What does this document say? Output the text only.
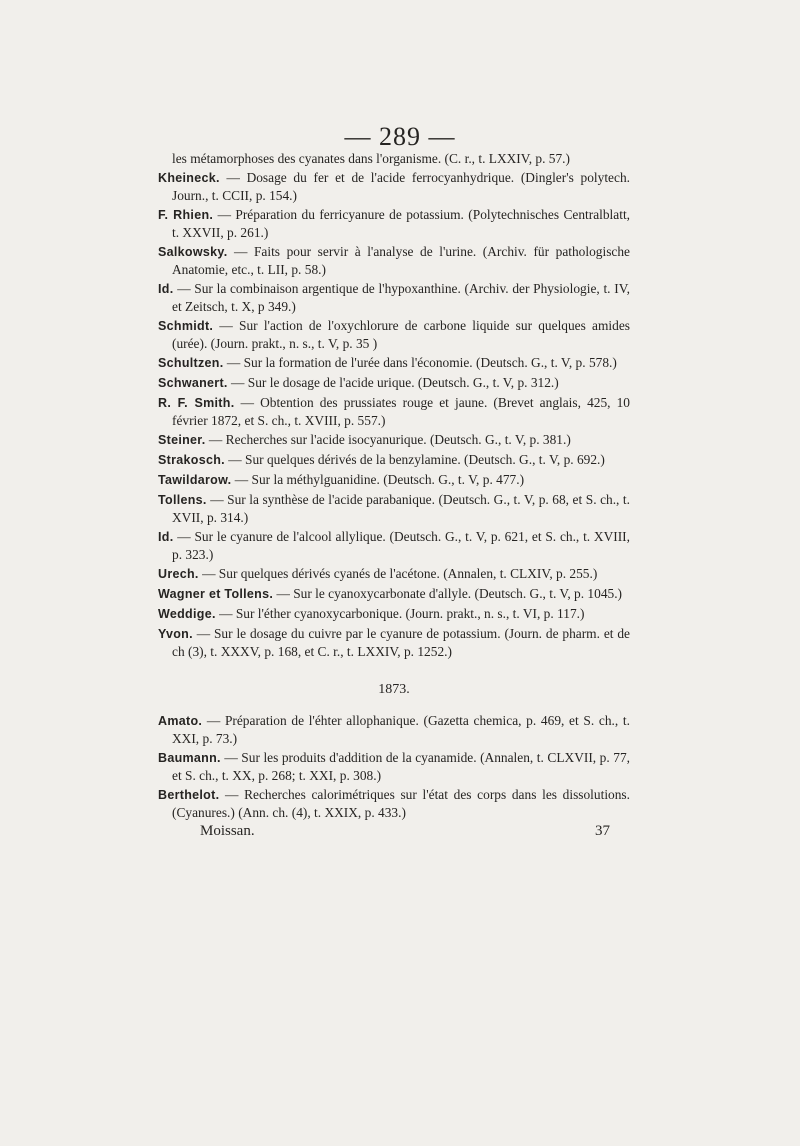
— 289 —

les métamorphoses des cyanates dans l'organisme. (C. r., t. LXXIV, p. 57.)

Kheineck. — Dosage du fer et de l'acide ferrocyanhydrique. (Dingler's polytech. Journ., t. CCII, p. 154.)

F. Rhien. — Préparation du ferricyanure de potassium. (Polytechnisches Centralblatt, t. XXVII, p. 261.)

Salkowsky. — Faits pour servir à l'analyse de l'urine. (Archiv. für pathologische Anatomie, etc., t. LII, p. 58.)

Id. — Sur la combinaison argentique de l'hypoxanthine. (Archiv. der Physiologie, t. IV, et Zeitsch, t. X, p 349.)

Schmidt. — Sur l'action de l'oxychlorure de carbone liquide sur quelques amides (urée). (Journ. prakt., n. s., t. V, p. 35 )

Schultzen. — Sur la formation de l'urée dans l'économie. (Deutsch. G., t. V, p. 578.)

Schwanert. — Sur le dosage de l'acide urique. (Deutsch. G., t. V, p. 312.)

R. F. Smith. — Obtention des prussiates rouge et jaune. (Brevet anglais, 425, 10 février 1872, et S. ch., t. XVIII, p. 557.)

Steiner. — Recherches sur l'acide isocyanurique. (Deutsch. G., t. V, p. 381.)

Strakosch. — Sur quelques dérivés de la benzylamine. (Deutsch. G., t. V, p. 692.)

Tawildarow. — Sur la méthylguanidine. (Deutsch. G., t. V, p. 477.)

Tollens. — Sur la synthèse de l'acide parabanique. (Deutsch. G., t. V, p. 68, et S. ch., t. XVII, p. 314.)

Id. — Sur le cyanure de l'alcool allylique. (Deutsch. G., t. V, p. 621, et S. ch., t. XVIII, p. 323.)

Urech. — Sur quelques dérivés cyanés de l'acétone. (Annalen, t. CLXIV, p. 255.)

Wagner et Tollens. — Sur le cyanoxycarbonate d'allyle. (Deutsch. G., t. V, p. 1045.)

Weddige. — Sur l'éther cyanoxycarbonique. (Journ. prakt., n. s., t. VI, p. 117.)

Yvon. — Sur le dosage du cuivre par le cyanure de potassium. (Journ. de pharm. et de ch (3), t. XXXV, p. 168, et C. r., t. LXXIV, p. 1252.)

1873.

Amato. — Préparation de l'éhter allophanique. (Gazetta chemica, p. 469, et S. ch., t. XXI, p. 73.)

Baumann. — Sur les produits d'addition de la cyanamide. (Annalen, t. CLXVII, p. 77, et S. ch., t. XX, p. 268; t. XXI, p. 308.)

Berthelot. — Recherches calorimétriques sur l'état des corps dans les dissolutions. (Cyanures.) (Ann. ch. (4), t. XXIX, p. 433.)

Moissan.	37
